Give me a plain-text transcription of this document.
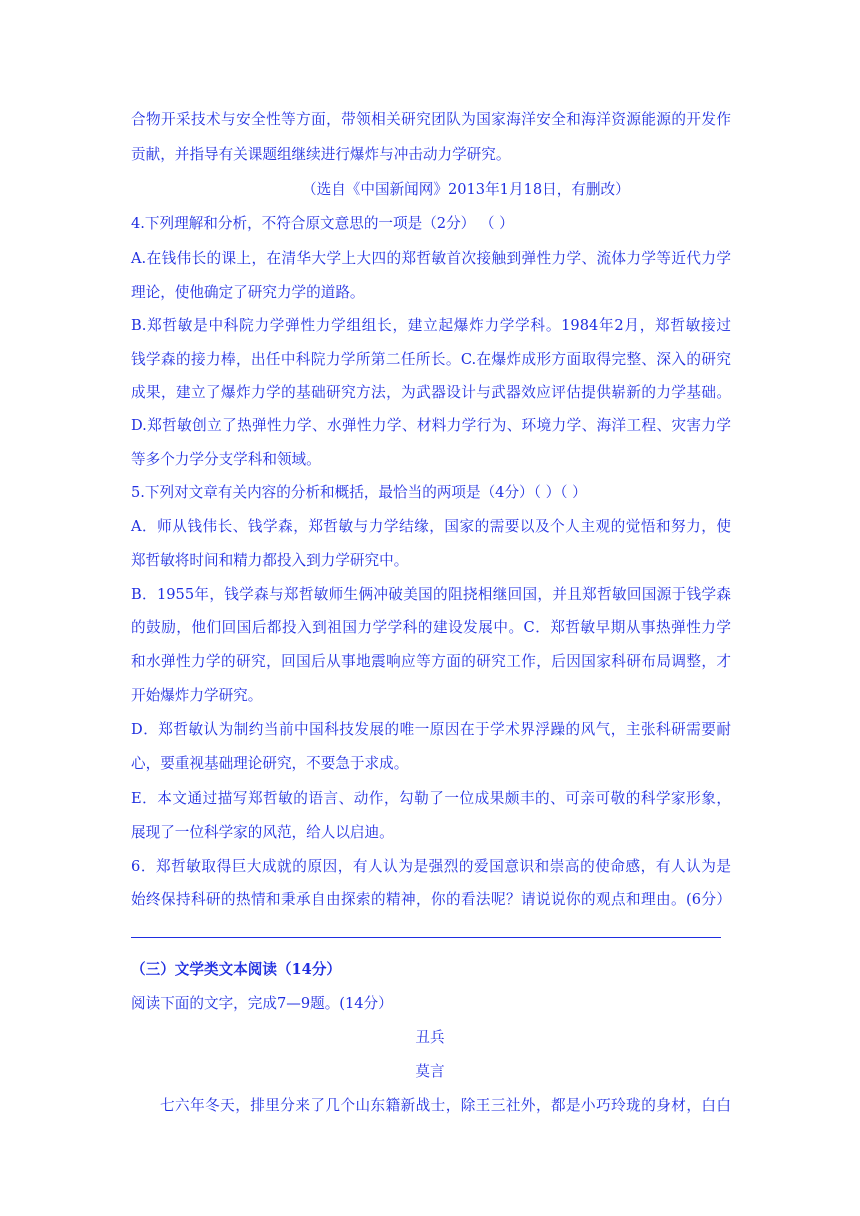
合物开采技术与安全性等方面，带领相关研究团队为国家海洋安全和海洋资源能源的开发作
贡献，并指导有关课题组继续进行爆炸与冲击动力学研究。
（选自《中国新闻网》2013年1月18日，有删改）
4.下列理解和分析，不符合原文意思的一项是（2分） （ ）
A.在钱伟长的课上，在清华大学上大四的郑哲敏首次接触到弹性力学、流体力学等近代力学
理论，使他确定了研究力学的道路。
B.郑哲敏是中科院力学弹性力学组组长，建立起爆炸力学学科。1984年2月，郑哲敏接过
钱学森的接力棒，出任中科院力学所第二任所长。C.在爆炸成形方面取得完整、深入的研究
成果，建立了爆炸力学的基础研究方法，为武器设计与武器效应评估提供崭新的力学基础。
D.郑哲敏创立了热弹性力学、水弹性力学、材料力学行为、环境力学、海洋工程、灾害力学
等多个力学分支学科和领域。
5.下列对文章有关内容的分析和概括，最恰当的两项是（4分）（ ）（ ）
A．师从钱伟长、钱学森，郑哲敏与力学结缘，国家的需要以及个人主观的觉悟和努力，使
郑哲敏将时间和精力都投入到力学研究中。
B．1955年，钱学森与郑哲敏师生俩冲破美国的阻挠相继回国，并且郑哲敏回国源于钱学森
的鼓励，他们回国后都投入到祖国力学学科的建设发展中。C．郑哲敏早期从事热弹性力学
和水弹性力学的研究，回国后从事地震响应等方面的研究工作，后因国家科研布局调整，才
开始爆炸力学研究。
D．郑哲敏认为制约当前中国科技发展的唯一原因在于学术界浮躁的风气，主张科研需要耐
心，要重视基础理论研究，不要急于求成。
E．本文通过描写郑哲敏的语言、动作，勾勒了一位成果颇丰的、可亲可敬的科学家形象，
展现了一位科学家的风范，给人以启迪。
6．郑哲敏取得巨大成就的原因，有人认为是强烈的爱国意识和崇高的使命感，有人认为是
始终保持科研的热情和秉承自由探索的精神，你的看法呢？请说说你的观点和理由。(6分）
（三）文学类文本阅读（14分）
阅读下面的文字，完成7—9题。(14分）
丑兵
莫言
七六年冬天，排里分来了几个山东籍新战士，除王三社外，都是小巧玲珑的身材，白白
